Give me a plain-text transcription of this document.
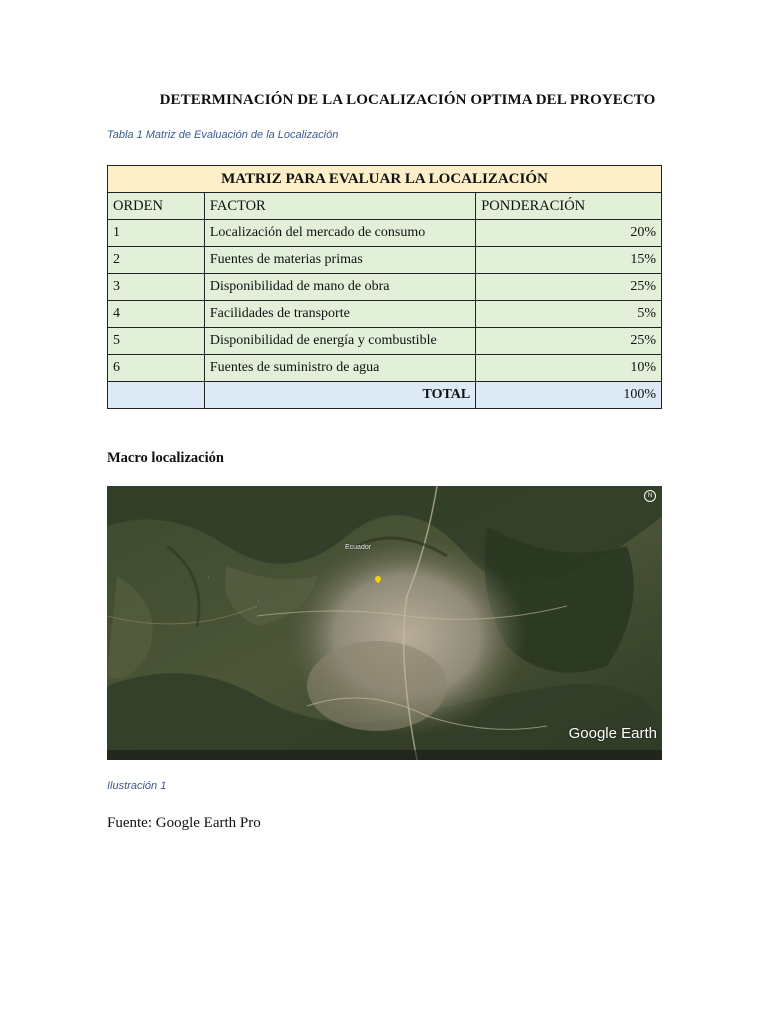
DETERMINACIÓN DE LA LOCALIZACIÓN OPTIMA DEL PROYECTO
Tabla 1 Matriz de Evaluación de la Localización
MATRIZ PARA EVALUAR LA LOCALIZACIÓN		
ORDEN	FACTOR	PONDERACIÓN
1	Localización del mercado de consumo	20%
2	Fuentes de materias primas	15%
3	Disponibilidad de mano de obra	25%
4	Facilidades de transporte	5%
5	Disponibilidad de energía y combustible	25%
6	Fuentes de suministro de agua	10%
	TOTAL	100%
Macro localización
Ecuador
·
·
N
Google Earth
Ilustración 1
Fuente: Google Earth Pro
